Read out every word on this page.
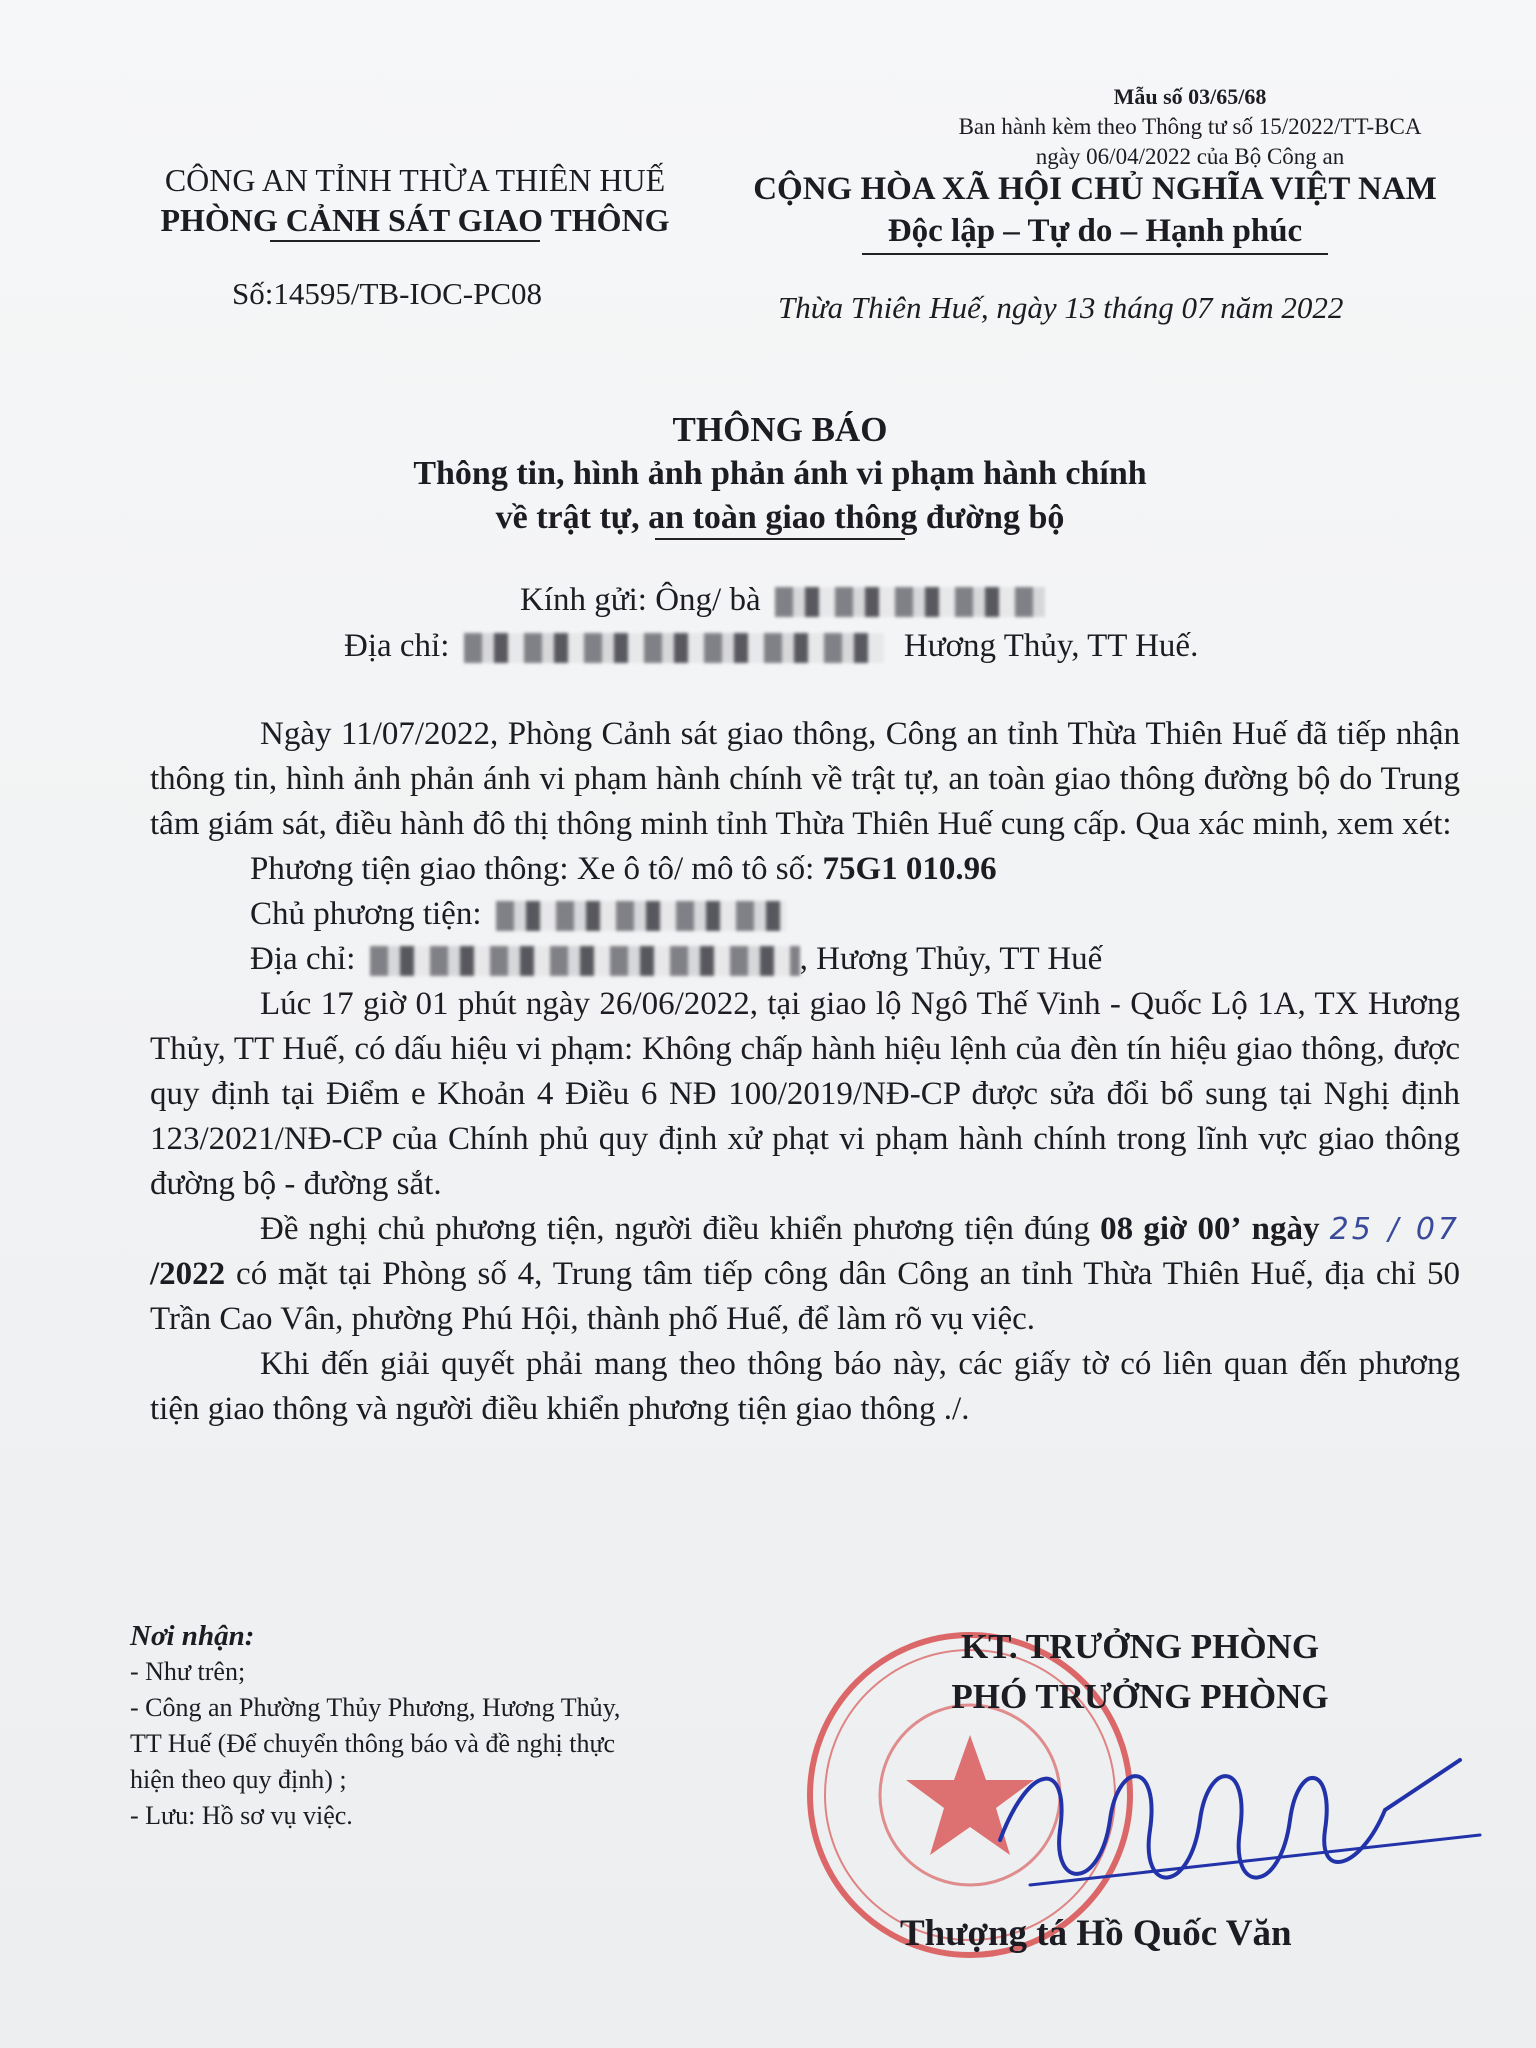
Mẫu số 03/65/68
Ban hành kèm theo Thông tư số 15/2022/TT-BCA
ngày 06/04/2022 của Bộ Công an
CÔNG AN TỈNH THỪA THIÊN HUẾ
PHÒNG CẢNH SÁT GIAO THÔNG
Số:14595/TB-IOC-PC08
CỘNG HÒA XÃ HỘI CHỦ NGHĨA VIỆT NAM
Độc lập – Tự do – Hạnh phúc
Thừa Thiên Huế, ngày 13 tháng 07 năm 2022
THÔNG BÁO
Thông tin, hình ảnh phản ánh vi phạm hành chính
về trật tự, an toàn giao thông đường bộ
Kính gửi: Ông/ bà
Địa chỉ:	Hương Thủy, TT Huế.

Ngày 11/07/2022, Phòng Cảnh sát giao thông, Công an tỉnh Thừa Thiên Huế đã tiếp nhận thông tin, hình ảnh phản ánh vi phạm hành chính về trật tự, an toàn giao thông đường bộ do Trung tâm giám sát, điều hành đô thị thông minh tỉnh Thừa Thiên Huế cung cấp. Qua xác minh, xem xét:

Phương tiện giao thông: Xe ô tô/ mô tô số: 75G1 010.96
Chủ phương tiện:
Địa chỉ:	, Hương Thủy, TT Huế

Lúc 17 giờ 01 phút ngày 26/06/2022, tại giao lộ Ngô Thế Vinh - Quốc Lộ 1A, TX Hương Thủy, TT Huế, có dấu hiệu vi phạm: Không chấp hành hiệu lệnh của đèn tín hiệu giao thông, được quy định tại Điểm e Khoản 4 Điều 6 NĐ 100/2019/NĐ-CP được sửa đổi bổ sung tại Nghị định 123/2021/NĐ-CP của Chính phủ quy định xử phạt vi phạm hành chính trong lĩnh vực giao thông đường bộ - đường sắt.

Đề nghị chủ phương tiện, người điều khiển phương tiện đúng 08 giờ 00’ ngày 25 / 07 /2022 có mặt tại Phòng số 4, Trung tâm tiếp công dân Công an tỉnh Thừa Thiên Huế, địa chỉ 50 Trần Cao Vân, phường Phú Hội, thành phố Huế, để làm rõ vụ việc.

Khi đến giải quyết phải mang theo thông báo này, các giấy tờ có liên quan đến phương tiện giao thông và người điều khiển phương tiện giao thông ./.

Nơi nhận:
- Như trên;
- Công an Phường Thủy Phương, Hương Thủy,
TT Huế (Để chuyển thông báo và đề nghị thực
hiện theo quy định) ;
- Lưu: Hồ sơ vụ việc.
KT. TRƯỞNG PHÒNG
PHÓ TRƯỞNG PHÒNG
Thượng tá Hồ Quốc Văn
